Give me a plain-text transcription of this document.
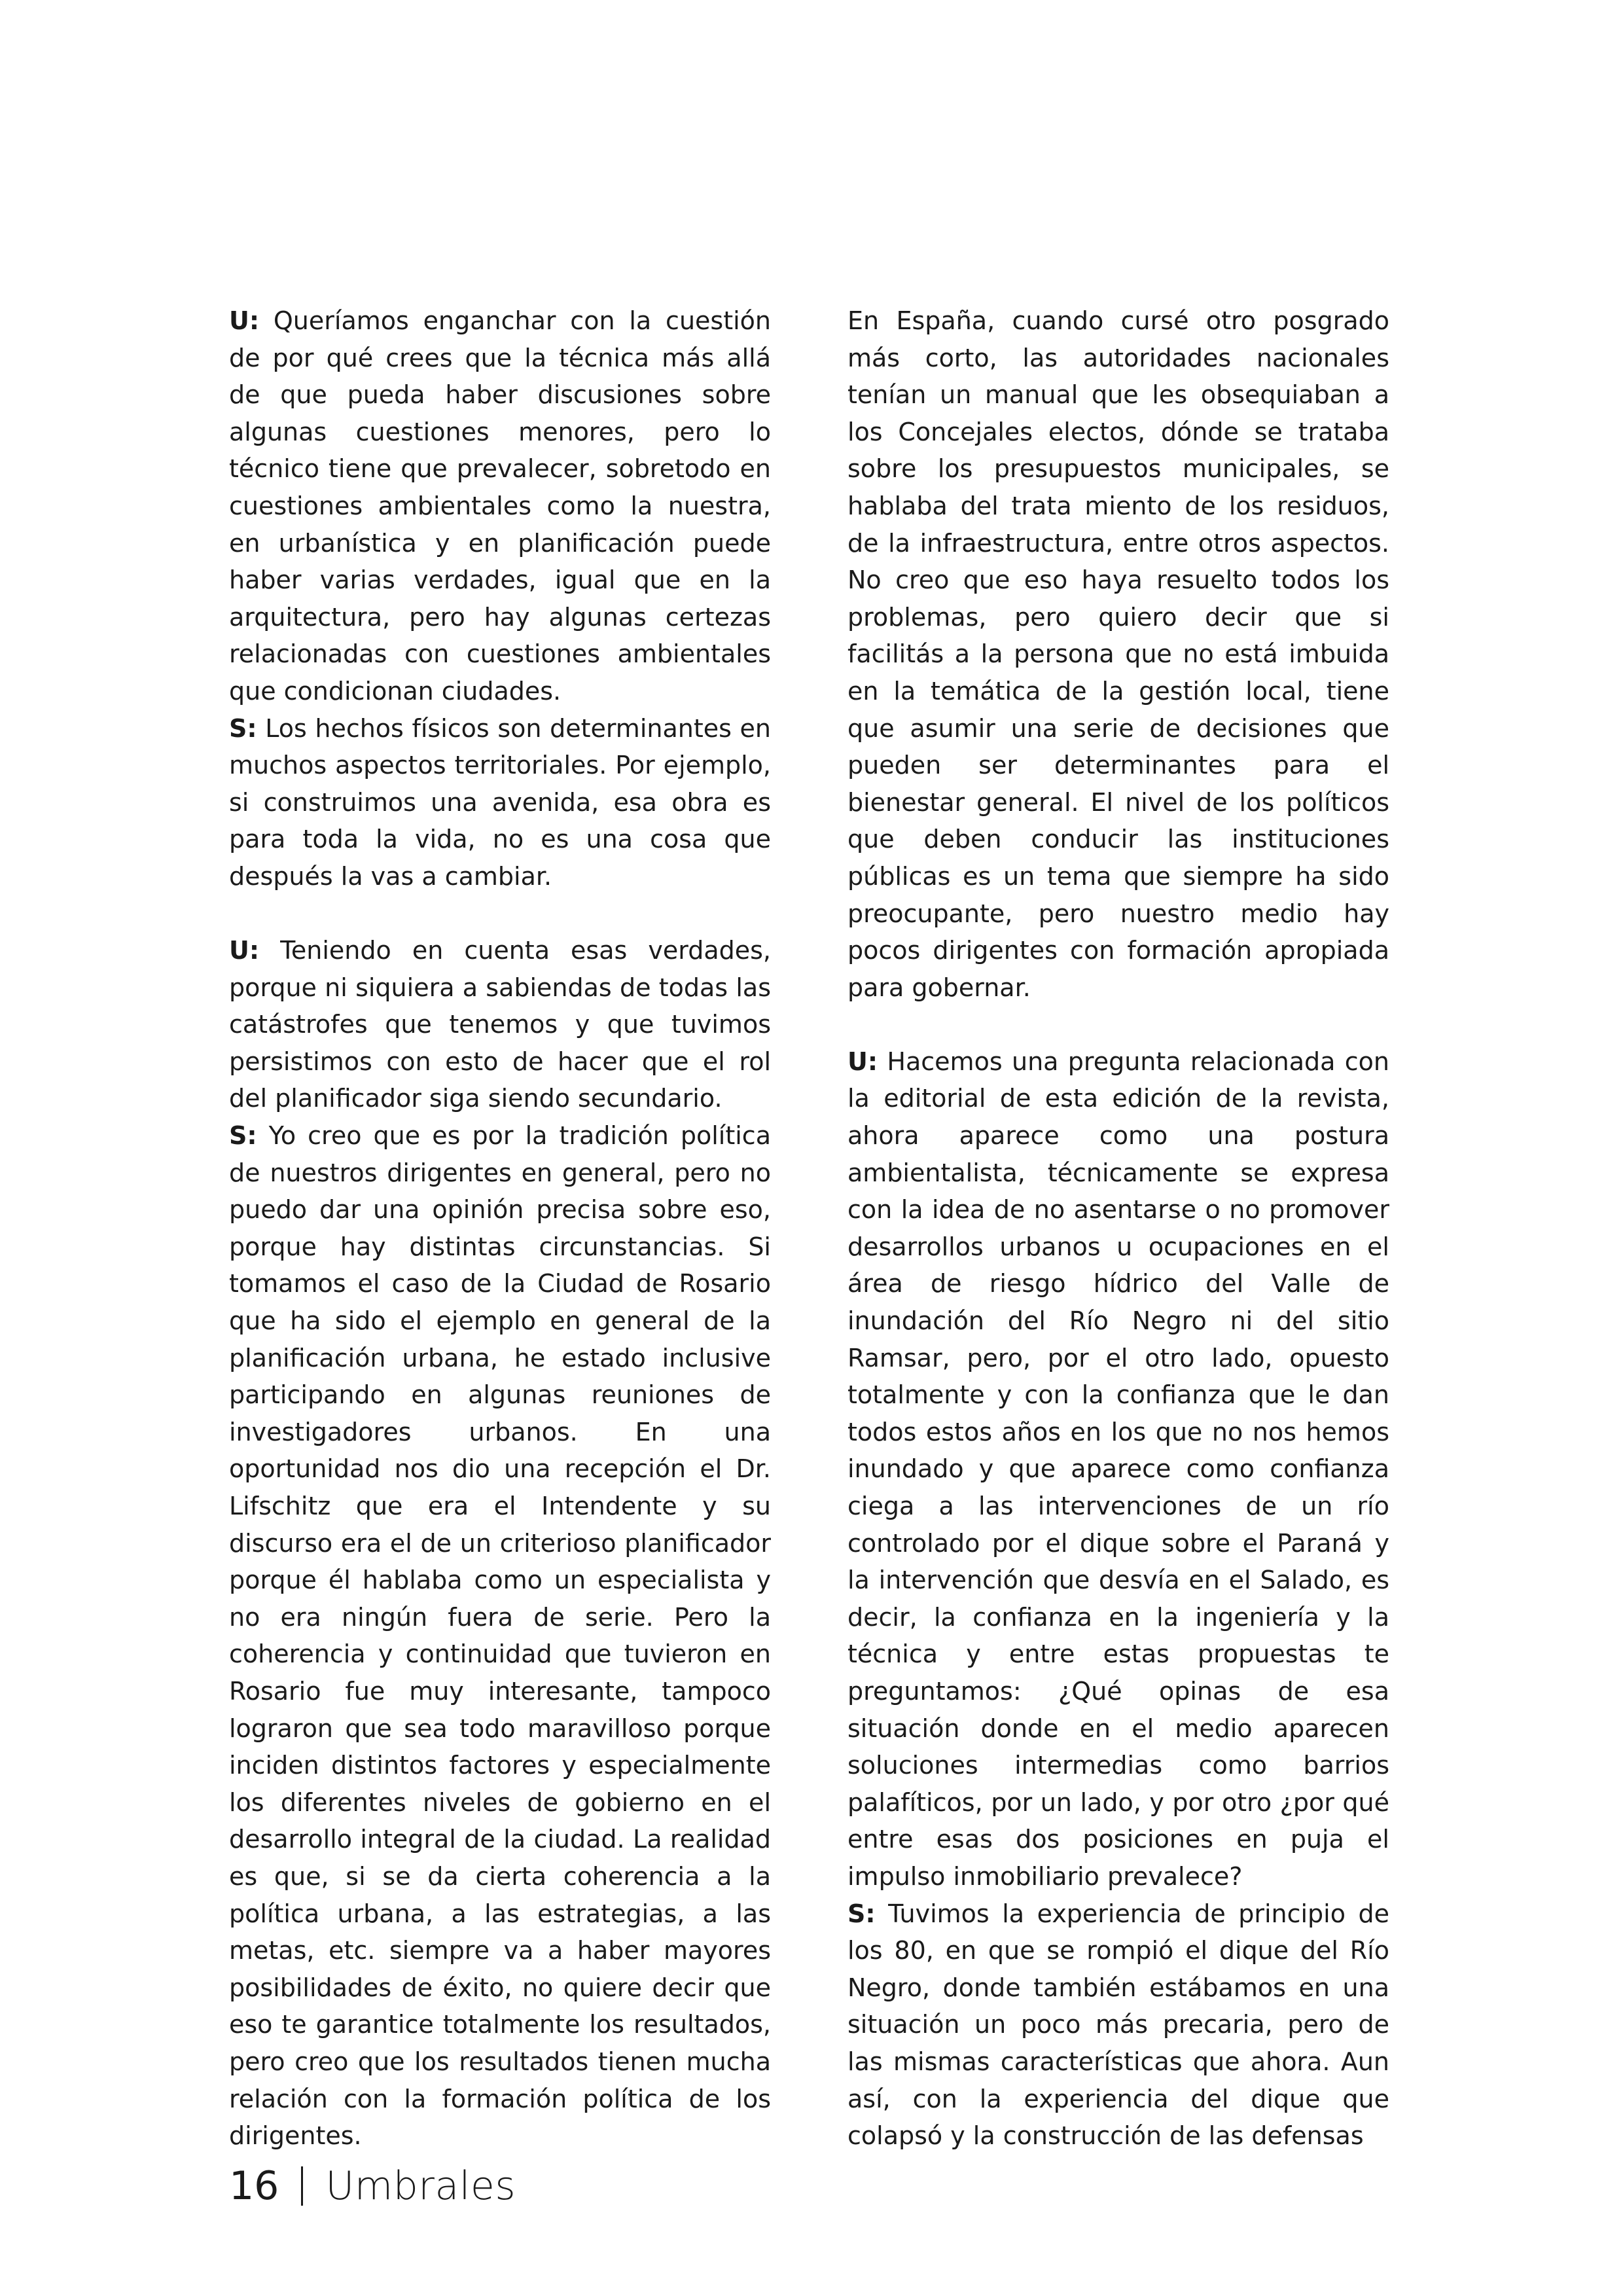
U: Queríamos enganchar con la cuestión de por qué crees que la técnica más allá de que pueda haber discusiones sobre algunas cuestiones menores, pero lo técnico tiene que prevalecer, sobretodo en cuestiones ambientales como la nuestra, en urbanística y en planificación puede haber varias verdades, igual que en la arquitectura, pero hay algunas certezas relacionadas con cuestiones ambientales que condicionan ciudades.

S: Los hechos físicos son determinantes en muchos aspectos territoriales. Por ejemplo, si construimos una avenida, esa obra es para toda la vida, no es una cosa que después la vas a cambiar.

U: Teniendo en cuenta esas verdades, porque ni siquiera a sabiendas de todas las catástrofes que tenemos y que tuvimos persistimos con esto de hacer que el rol del planificador siga siendo secundario.

S: Yo creo que es por la tradición política de nuestros dirigentes en general, pero no puedo dar una opinión precisa sobre eso, porque hay distintas circunstancias. Si tomamos el caso de la Ciudad de Rosario que ha sido el ejemplo en general de la planificación urbana, he estado inclusive participando en algunas reuniones de investigadores urbanos. En una oportunidad nos dio una recepción el Dr. Lifschitz que era el Intendente y su discurso era el de un criterioso planificador porque él hablaba como un especialista y no era ningún fuera de serie. Pero la coherencia y continuidad que tuvieron en Rosario fue muy interesante, tampoco lograron que sea todo maravilloso porque inciden distintos factores y especialmente los diferentes niveles de gobierno en el desarrollo integral de la ciudad. La realidad es que, si se da cierta coherencia a la política urbana, a las estrategias, a las metas, etc. siempre va a haber mayores posibilidades de éxito, no quiere decir que eso te garantice totalmente los resultados, pero creo que los resultados tienen mucha relación con la formación política de los dirigentes.

En España, cuando cursé otro posgrado más corto, las autoridades nacionales tenían un manual que les obsequiaban a los Concejales electos, dónde se trataba sobre los presupuestos municipales, se hablaba del trata miento de los residuos, de la infraestructura, entre otros aspectos. No creo que eso haya resuelto todos los problemas, pero quiero decir que si facilitás a la persona que no está imbuida en la temática de la gestión local, tiene que asumir una serie de decisiones que pueden ser determinantes para el bienestar general. El nivel de los políticos que deben conducir las instituciones públicas es un tema que siempre ha sido preocupante, pero nuestro medio hay pocos dirigentes con formación apropiada para gobernar.

U: Hacemos una pregunta relacionada con la editorial de esta edición de la revista, ahora aparece como una postura ambientalista, técnicamente se expresa con la idea de no asentarse o no promover desarrollos urbanos u ocupaciones en el área de riesgo hídrico del Valle de inundación del Río Negro ni del sitio Ramsar, pero, por el otro lado, opuesto totalmente y con la confianza que le dan todos estos años en los que no nos hemos inundado y que aparece como confianza ciega a las intervenciones de un río controlado por el dique sobre el Paraná y la intervención que desvía en el Salado, es decir, la confianza en la ingeniería y la técnica y entre estas propuestas te preguntamos: ¿Qué opinas de esa situación donde en el medio aparecen soluciones intermedias como barrios palafíticos, por un lado, y por otro ¿por qué entre esas dos posiciones en puja el impulso inmobiliario prevalece?

S: Tuvimos la experiencia de principio de los 80, en que se rompió el dique del Río Negro, donde también estábamos en una situación un poco más precaria, pero de las mismas características que ahora. Aun así, con la experiencia del dique que colapsó y la construcción de las defensas

16 Umbrales
